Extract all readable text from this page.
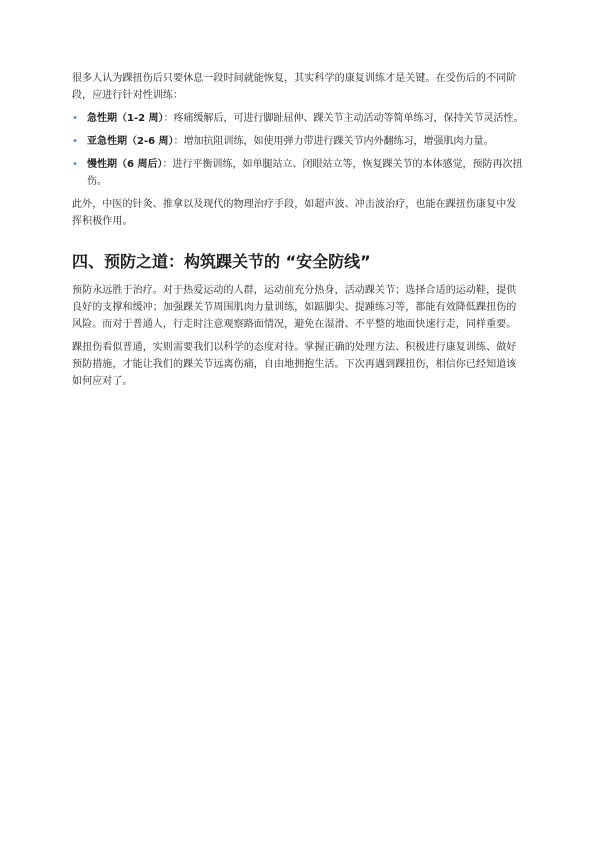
很多人认为踝扭伤后只要休息一段时间就能恢复，其实科学的康复训练才是关键。在受伤后的不同阶段，应进行针对性训练：

• 急性期（1-2 周）：疼痛缓解后，可进行脚趾屈伸、踝关节主动活动等简单练习，保持关节灵活性。
• 亚急性期（2-6 周）：增加抗阻训练，如使用弹力带进行踝关节内外翻练习，增强肌肉力量。
• 慢性期（6 周后）：进行平衡训练，如单腿站立、闭眼站立等，恢复踝关节的本体感觉，预防再次扭伤。

此外，中医的针灸、推拿以及现代的物理治疗手段，如超声波、冲击波治疗，也能在踝扭伤康复中发挥积极作用。

四、预防之道：构筑踝关节的 “安全防线”

预防永远胜于治疗。对于热爱运动的人群，运动前充分热身，活动踝关节；选择合适的运动鞋，提供良好的支撑和缓冲；加强踝关节周围肌肉力量训练，如踮脚尖、提踵练习等，都能有效降低踝扭伤的风险。而对于普通人，行走时注意观察路面情况，避免在湿滑、不平整的地面快速行走，同样重要。

踝扭伤看似普通，实则需要我们以科学的态度对待。掌握正确的处理方法、积极进行康复训练、做好预防措施，才能让我们的踝关节远离伤痛，自由地拥抱生活。下次再遇到踝扭伤，相信你已经知道该如何应对了。
